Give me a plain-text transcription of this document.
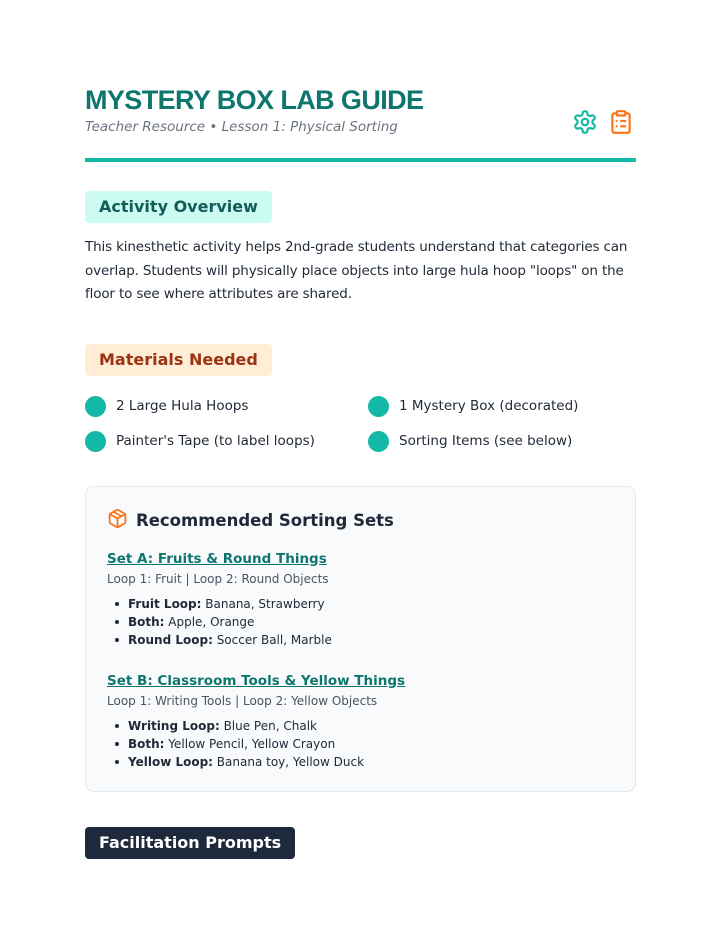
MYSTERY BOX LAB GUIDE
Teacher Resource • Lesson 1: Physical Sorting
Activity Overview

This kinesthetic activity helps 2nd-grade students understand that categories can overlap. Students will physically place objects into large hula hoop "loops" on the floor to see where attributes are shared.

Materials Needed
2 Large Hula Hoops	1 Mystery Box (decorated)
Painter's Tape (to label loops)	Sorting Items (see below)
Recommended Sorting Sets
Set A: Fruits & Round Things
Loop 1: Fruit | Loop 2: Round Objects
Fruit Loop: Banana, Strawberry
Both: Apple, Orange
Round Loop: Soccer Ball, Marble
Set B: Classroom Tools & Yellow Things
Loop 1: Writing Tools | Loop 2: Yellow Objects
Writing Loop: Blue Pen, Chalk
Both: Yellow Pencil, Yellow Crayon
Yellow Loop: Banana toy, Yellow Duck
Facilitation Prompts
